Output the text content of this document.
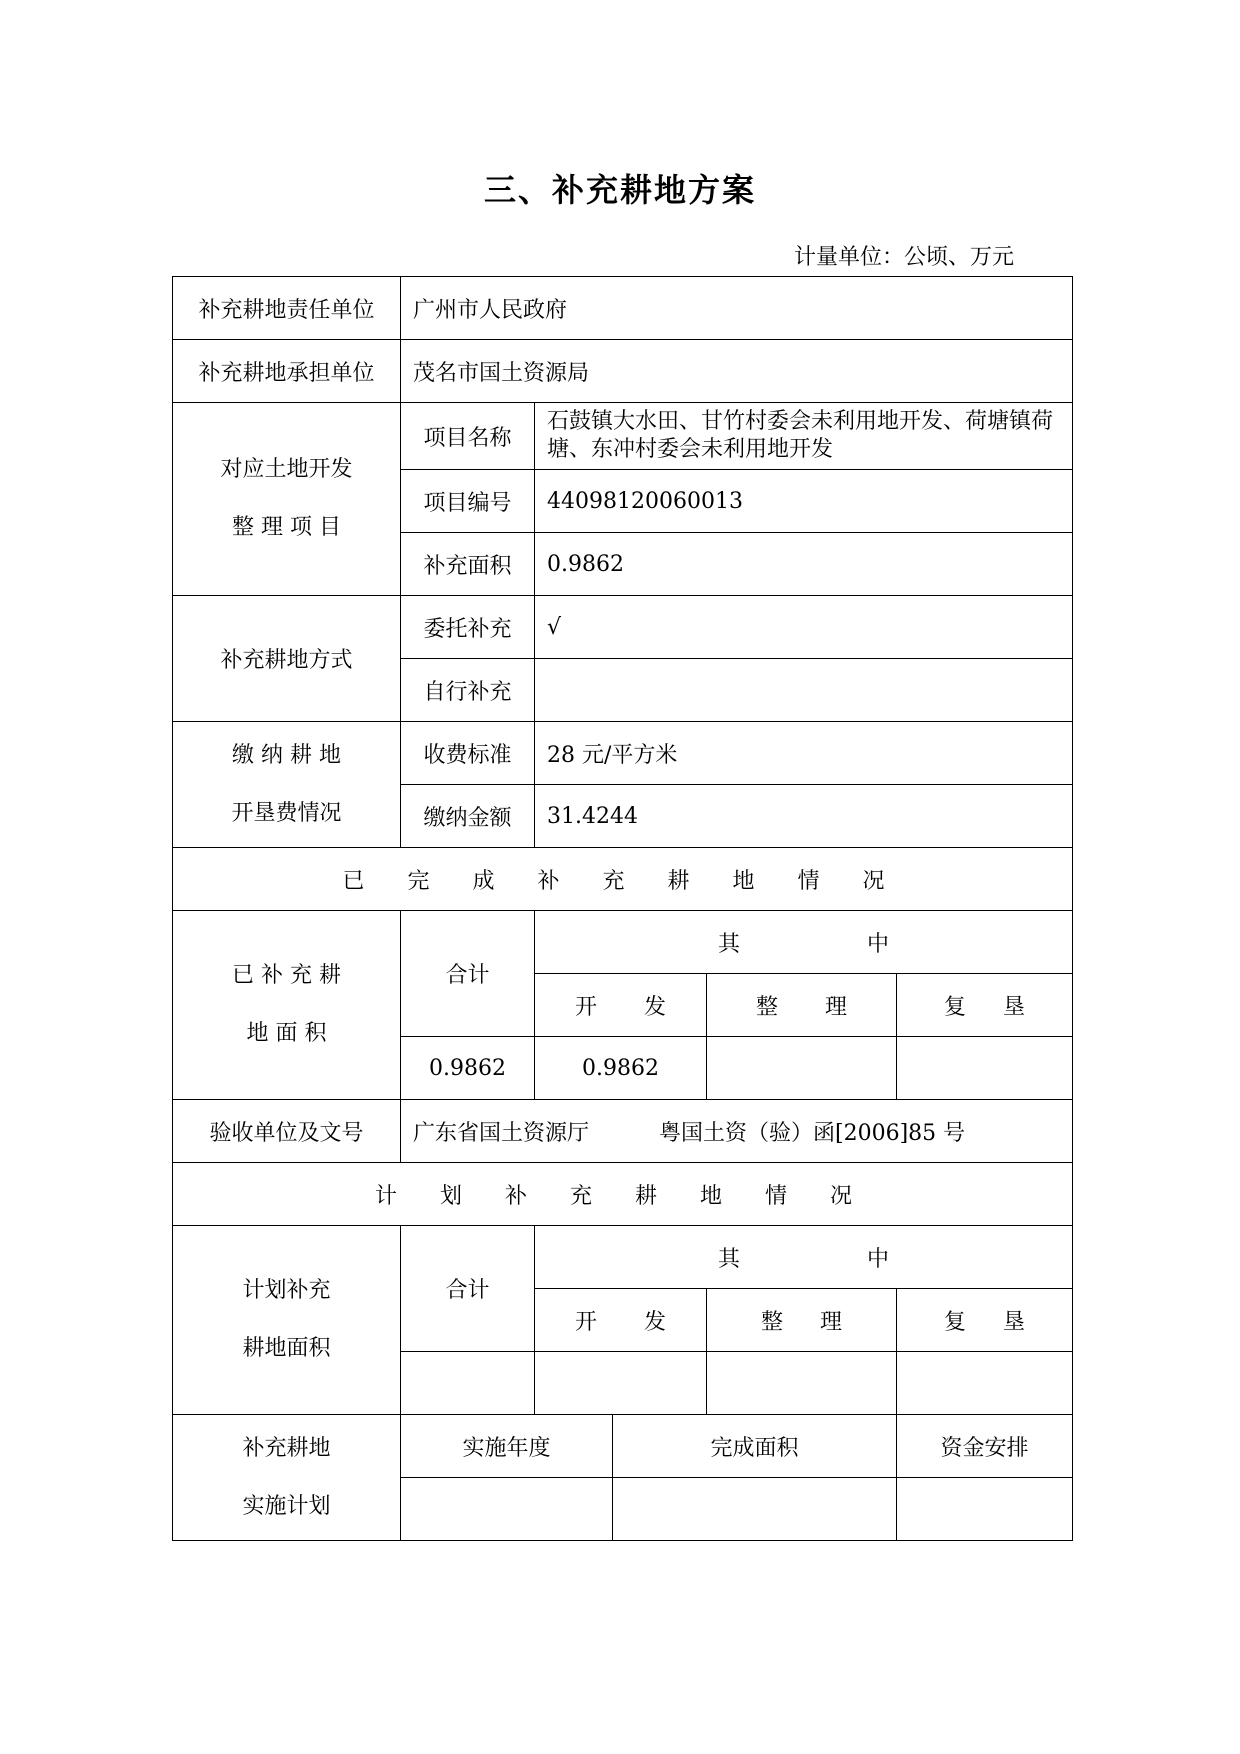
三、补充耕地方案
计量单位：公顷、万元
补充耕地责任单位	广州市人民政府				
补充耕地承担单位	茂名市国土资源局				

对应土地开发
整 理 项 目	项目名称	石鼓镇大水田、甘竹村委会未利用地开发、荷塘镇荷塘、东冲村委会未利用地开发			
	项目编号	44098120060013			
	补充面积	0.9862			
补充耕地方式	委托补充	√			
	自行补充				

缴 纳 耕 地
开垦费情况	收费标准	28 元/平方米			
	缴纳金额	31.4244			
已 完 成 补 充 耕 地 情 况					

已 补 充 耕
地 面 积	合计	其 中			
		开 发		整 理	复 垦
	0.9862	0.9862			
验收单位及文号	广东省国土资源厅 粤国土资（验）函[2006]85 号				
计 划 补 充 耕 地 情 况					

计划补充
耕地面积	合计	其 中			
		开 发		整 理	复 垦

补充耕地
实施计划	实施年度		完成面积		资金安排
